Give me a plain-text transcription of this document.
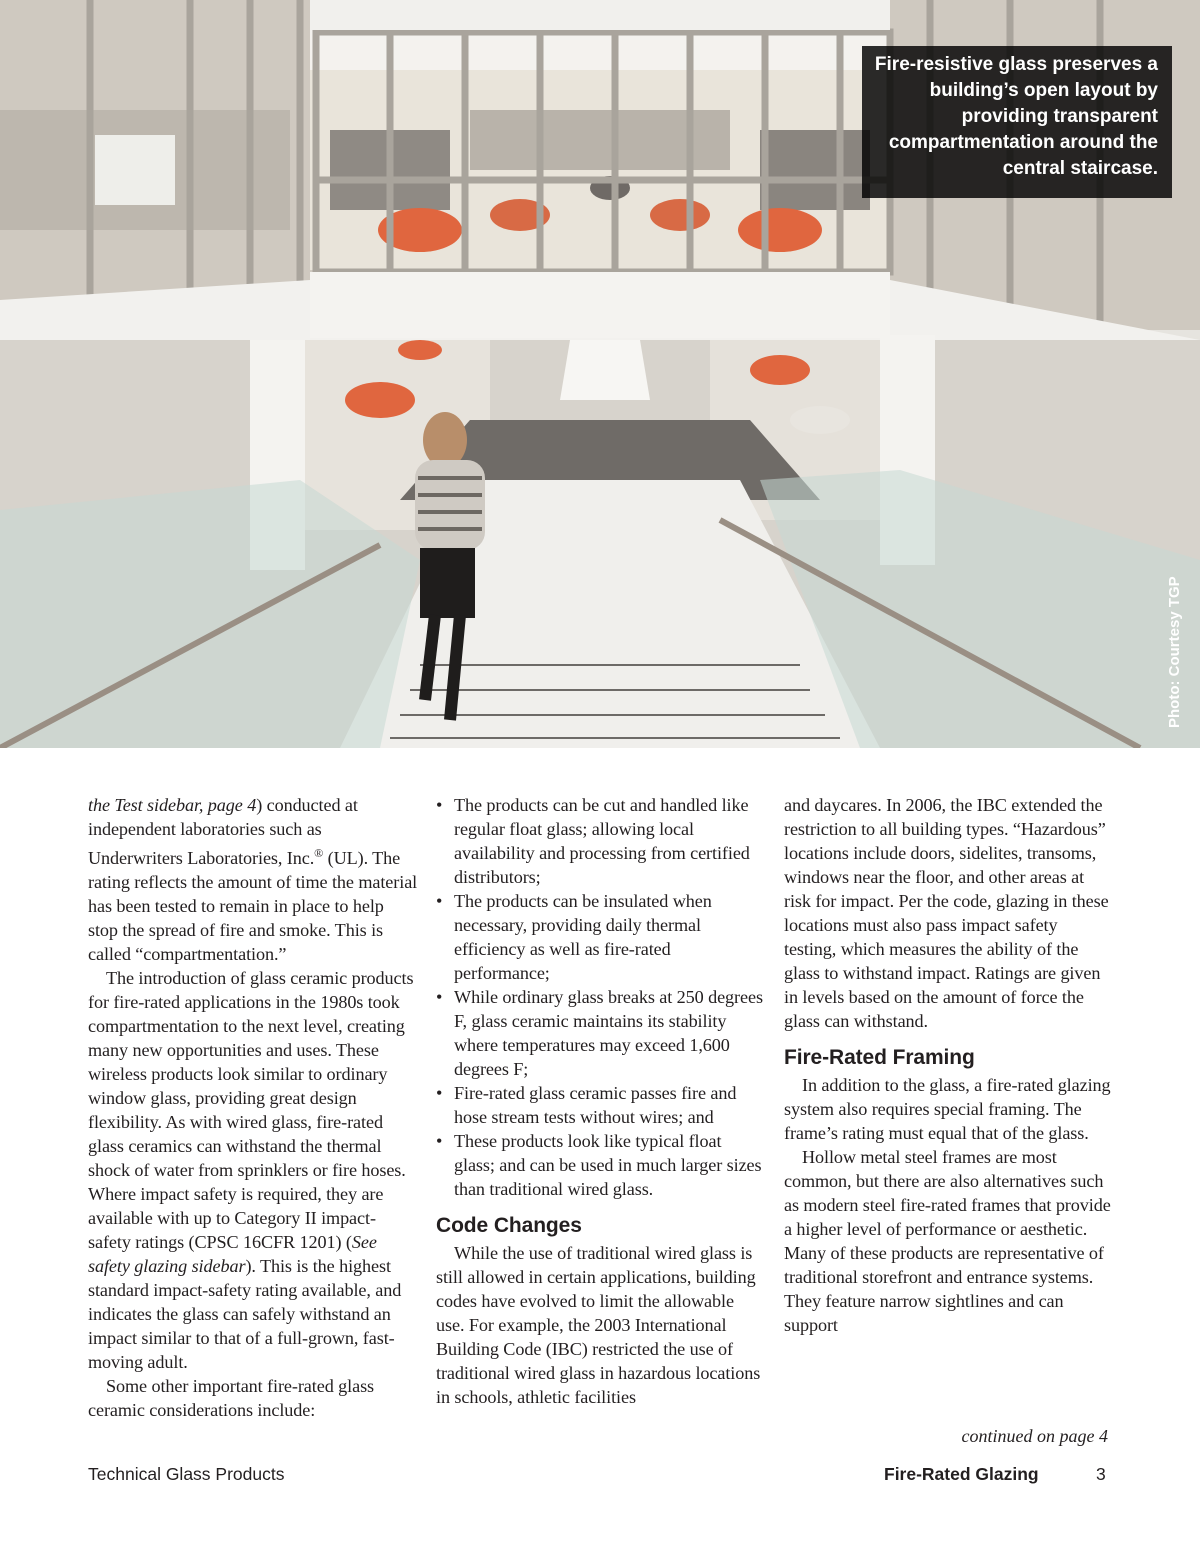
Fire-resistive glass preserves a building’s open layout by providing transparent compartmentation around the central staircase.

Photo: Courtesy TGP

the Test sidebar, page 4) conducted at independent laboratories such as Underwriters Laboratories, Inc.® (UL). The rating reflects the amount of time the material has been tested to remain in place to help stop the spread of fire and smoke. This is called “compartmentation.”

The introduction of glass ceramic products for fire-rated applications in the 1980s took compartmentation to the next level, creating many new opportunities and uses. These wireless products look similar to ordinary window glass, providing great design flexibility. As with wired glass, fire-rated glass ceramics can withstand the thermal shock of water from sprinklers or fire hoses. Where impact safety is required, they are available with up to Category II impact-safety ratings (CPSC 16CFR 1201) (See safety glazing sidebar). This is the highest standard impact-safety rating available, and indicates the glass can safely withstand an impact similar to that of a full-grown, fast-moving adult.

Some other important fire-rated glass ceramic considerations include:

• The products can be cut and handled like regular float glass; allowing local availability and processing from certified distributors;
• The products can be insulated when necessary, providing daily thermal efficiency as well as fire-rated performance;
• While ordinary glass breaks at 250 degrees F, glass ceramic maintains its stability where temperatures may exceed 1,600 degrees F;
• Fire-rated glass ceramic passes fire and hose stream tests without wires; and
• These products look like typical float glass; and can be used in much larger sizes than traditional wired glass.
Code Changes

While the use of traditional wired glass is still allowed in certain applications, building codes have evolved to limit the allowable use. For example, the 2003 International Building Code (IBC) restricted the use of traditional wired glass in hazardous locations in schools, athletic facilities

and daycares. In 2006, the IBC extended the restriction to all building types. “Hazardous” locations include doors, sidelites, transoms, windows near the floor, and other areas at risk for impact. Per the code, glazing in these locations must also pass impact safety testing, which measures the ability of the glass to withstand impact. Ratings are given in levels based on the amount of force the glass can withstand.

Fire-Rated Framing

In addition to the glass, a fire-rated glazing system also requires special framing. The frame’s rating must equal that of the glass.

Hollow metal steel frames are most common, but there are also alternatives such as modern steel fire-rated frames that provide a higher level of performance or aesthetic. Many of these products are representative of traditional storefront and entrance systems. They feature narrow sightlines and can support

continued on page 4
Technical Glass Products	Fire-Rated Glazing	3
